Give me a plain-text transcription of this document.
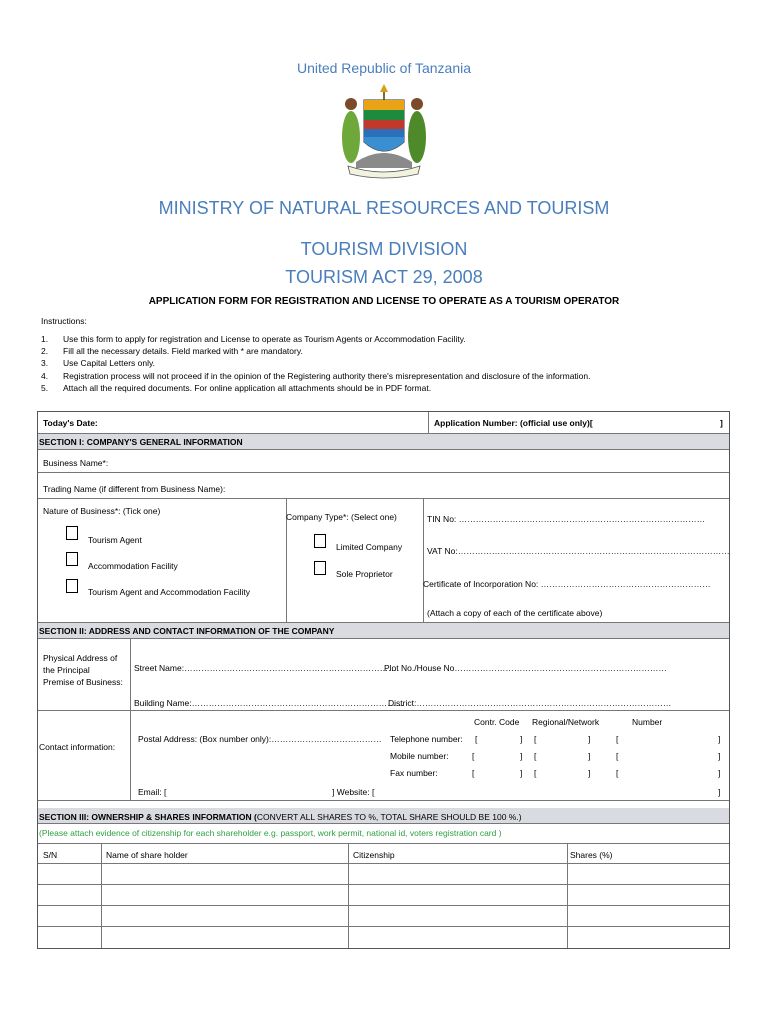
United Republic of Tanzania
MINISTRY OF NATURAL RESOURCES AND TOURISM
TOURISM DIVISION
TOURISM ACT 29, 2008
APPLICATION FORM FOR REGISTRATION AND LICENSE TO OPERATE AS A TOURISM OPERATOR
Instructions:
1. Use this form to apply for registration and License to operate as Tourism Agents or Accommodation Facility.
2. Fill all the necessary details. Field marked with * are mandatory.
3. Use Capital Letters only.
4. Registration process will not proceed if in the opinion of the Registering authority there's misrepresentation and disclosure of the information.
5. Attach all the required documents. For online application all attachments should be in PDF format.
Today's Date:	Application Number: (official use only)[	]
SECTION I: COMPANY'S GENERAL INFORMATION
Business Name*:
Trading Name (if different from Business Name):
Nature of Business*: (Tick one)
Tourism Agent
Accommodation Facility
Tourism Agent and Accommodation Facility
Company Type*: (Select one)
Limited Company
Sole Proprietor
TIN No: ……………………………………………………………………………
VAT No:……………………………………………………………………………………
Certificate of Incorporation No: ……………………………………………………
(Attach a copy of each of the certificate above)
SECTION II: ADDRESS AND CONTACT INFORMATION OF THE COMPANY
Physical Address of
the Principal
Premise of Business:
Street Name:…………………………………………………………………
Plot No./House No…………………………………………………………………
Building Name:…………………………………………………………………
District:………………………………………………………………………………
Contact information:
Contr. Code Regional/Network	Number
Postal Address: (Box number only):………………………………… Telephone number: [	] [	]	[	]
Mobile number:	[	] [	]	[	]
Fax number:	[	] [	]	[	]
Email: [	] Website: [	]
SECTION III: OWNERSHIP & SHARES INFORMATION (CONVERT ALL SHARES TO %, TOTAL SHARE SHOULD BE 100 %.)
(Please attach evidence of citizenship for each shareholder e.g. passport, work permit, national id, voters registration card )
S/N	Name of share holder	Citizenship	Shares (%)
